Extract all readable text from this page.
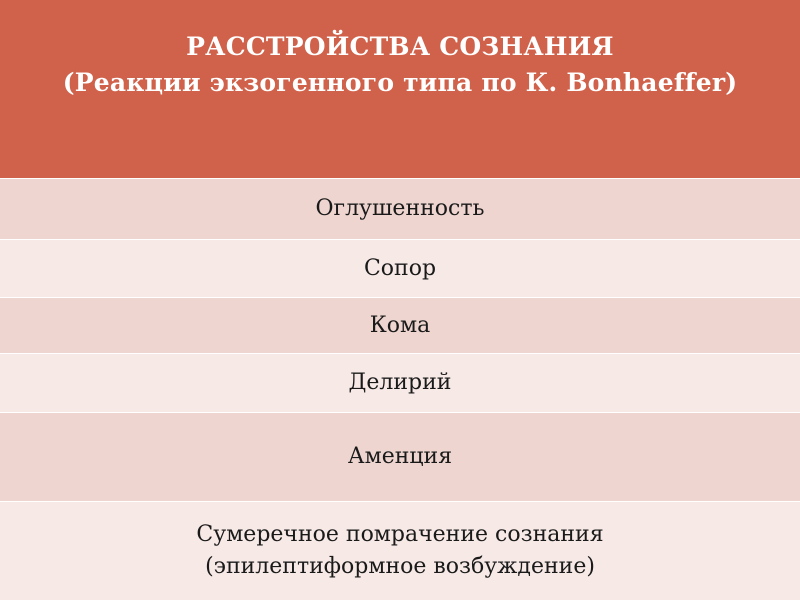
РАССТРОЙСТВА СОЗНАНИЯ
(Реакции экзогенного типа по К. Bonhaeffer)
Оглушенность
Сопор
Кома
Делирий
Аменция
Сумеречное помрачение сознания
(эпилептиформное возбуждение)
